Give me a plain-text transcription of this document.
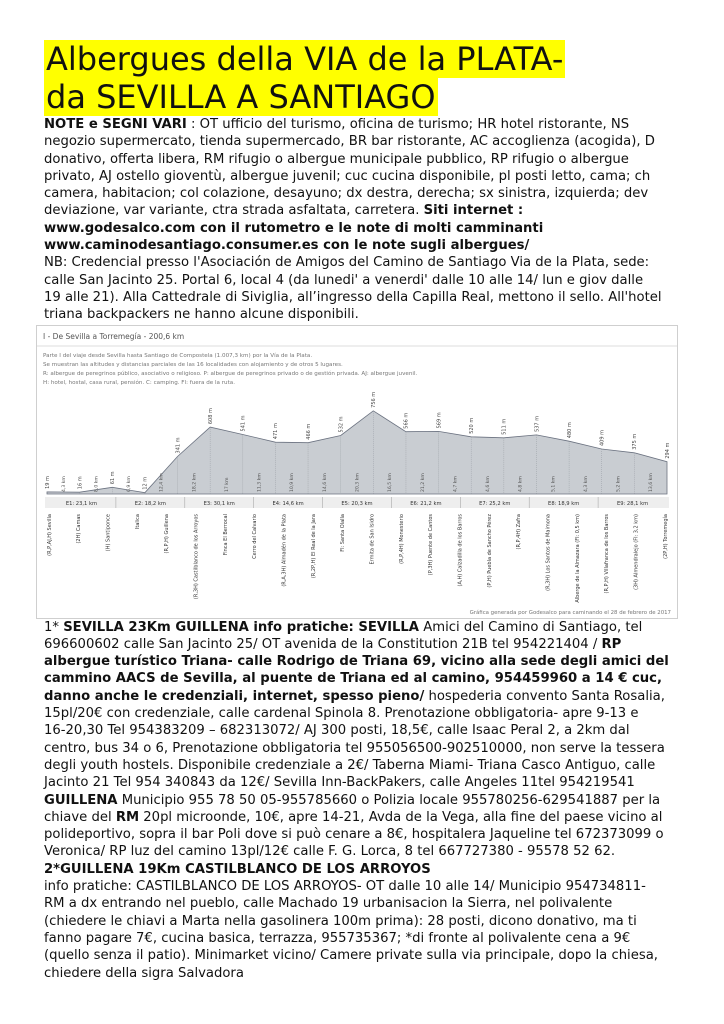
Albergues della VIA de la PLATA-
da SEVILLA A SANTIAGO

NOTE e SEGNI VARI : OT ufficio del turismo, oficina de turismo; HR hotel ristorante, NS

negozio supermercato, tienda supermercado, BR bar ristorante, AC accoglienza (acogida), D

donativo, offerta libera, RM rifugio o albergue municipale pubblico, RP rifugio o albergue

privato, AJ ostello gioventù, albergue juvenil; cuc cucina disponibile, pl posti letto, cama; ch

camera, habitacion; col colazione, desayuno; dx destra, derecha; sx sinistra, izquierda; dev

deviazione, var variante, ctra strada asfaltata, carretera. Siti internet :

www.godesalco.com con il rutometro e le note di molti camminanti

www.caminodesantiago.consumer.es con le note sugli albergues/

NB: Credencial presso l'Asociación de Amigos del Camino de Santiago Via de la Plata, sede:

calle San Jacinto 25. Portal 6, local 4 (da lunedi' a venerdi' dalle 10 alle 14/ lun e giov dalle

19 alle 21). Alla Cattedrale di Siviglia, all’ingresso della Capilla Real, mettono il sello. All'hotel

triana backpackers ne hanno alcune disponibili.

I - De Sevilla a Torremegía - 200,6 km
Parte I del viaje desde Sevilla hasta Santiago de Compostela (1.007,3 km) por la Vía de la Plata.
Se muestran las altitudes y distancias parciales de las 16 localidades con alojamiento y de otros 5 lugares.
R: albergue de peregrinos público, asociativo o religioso. P: albergue de peregrinos privado o de gestión privada. AJ: albergue juvenil.
H: hotel, hostal, casa rural, pensión. C: camping. Fl: fuera de la ruta.
19 m	16 m	61 m	12 m
341 m
608 m	541 m	471 m	466 m	532 m
756 m
566 m	569 m	520 m	511 m	537 m	480 m	409 m	375 m
294 m
4,3 km	8,0 km	6,9 km	12,4 km	18,2 km	17 km	11,3 km	10,9 km	14,6 km	20,3 km	16,5 km	21,2 km	4,7 km	4,6 km	4,8 km	5,1 km	4,3 km	5,2 km	13,6 km
E1: 23,1 km	E2: 18,2 km	E3: 30,1 km	E4: 14,6 km	E5: 20,3 km	E6: 21,2 km	E7: 25,2 km	E8: 18,9 km	E9: 28,1 km
(R,P,AJ,H) Sevilla	(2H) Camas	(H) Santiponce	Italica	(R,P,H) Guillena	(R,3H) Castilblanco de los Arroyos	Finca El Berrocal	Cerro del Calvario	(R,A,3H) Almadén de la Plata	(R,2P,H) El Real de la Jara	Fl: Santa Olalla	Ermita de San Isidro	(R,P,4H) Monesterio	(P,3H) Puente de Cantos	(A,H) Calzadilla de los Barros	(P,H) Puebla de Sancho Pérez	(R,P,4H) Zafra	(R,3H) Los Santos de Maimona	Alberge de la Almazara (Fl: 0,5 km)	(R,P,H) Villafranca de los Barros	(3H) Almendralejo (Fl: 3,2 km)	(2P,H) Torremegía
Gráfica generada por Godesalco para caminando el 28 de febrero de 2017

1* SEVILLA 23Km GUILLENA info pratiche: SEVILLA Amici del Camino di Santiago, tel

696600602 calle San Jacinto 25/ OT avenida de la Constitution 21B tel 954221404 / RP

albergue turístico Triana- calle Rodrigo de Triana 69, vicino alla sede degli amici del

cammino AACS de Sevilla, al puente de Triana ed al camino, 954459960 a 14 € cuc,

danno anche le credenziali, internet, spesso pieno/ hospederia convento Santa Rosalia,

15pl/20€ con credenziale, calle cardenal Spinola 8. Prenotazione obbligatoria- apre 9-13 e

16-20,30 Tel 954383209 – 682313072/ AJ 300 posti, 18,5€, calle Isaac Peral 2, a 2km dal

centro, bus 34 o 6, Prenotazione obbligatoria tel 955056500-902510000, non serve la tessera

degli youth hostels. Disponibile credenziale a 2€/ Taberna Miami- Triana Casco Antiguo, calle

Jacinto 21 Tel 954 340843 da 12€/ Sevilla Inn-BackPakers, calle Angeles 11tel 954219541

GUILLENA Municipio 955 78 50 05-955785660 o Polizia locale 955780256-629541887 per la

chiave del RM 20pl microonde, 10€, apre 14-21, Avda de la Vega, alla fine del paese vicino al

polideportivo, sopra il bar Poli dove si può cenare a 8€, hospitalera Jaqueline tel 672373099 o

Veronica/ RP luz del camino 13pl/12€ calle F. G. Lorca, 8 tel 667727380 - 95578 52 62.

2*GUILLENA 19Km CASTILBLANCO DE LOS ARROYOS

info pratiche: CASTILBLANCO DE LOS ARROYOS- OT dalle 10 alle 14/ Municipio 954734811-

RM a dx entrando nel pueblo, calle Machado 19 urbanisacion la Sierra, nel polivalente

(chiedere le chiavi a Marta nella gasolinera 100m prima): 28 posti, dicono donativo, ma ti

fanno pagare 7€, cucina basica, terrazza, 955735367; *di fronte al polivalente cena a 9€

(quello senza il patio). Minimarket vicino/ Camere private sulla via principale, dopo la chiesa,

chiedere della sigra Salvadora
